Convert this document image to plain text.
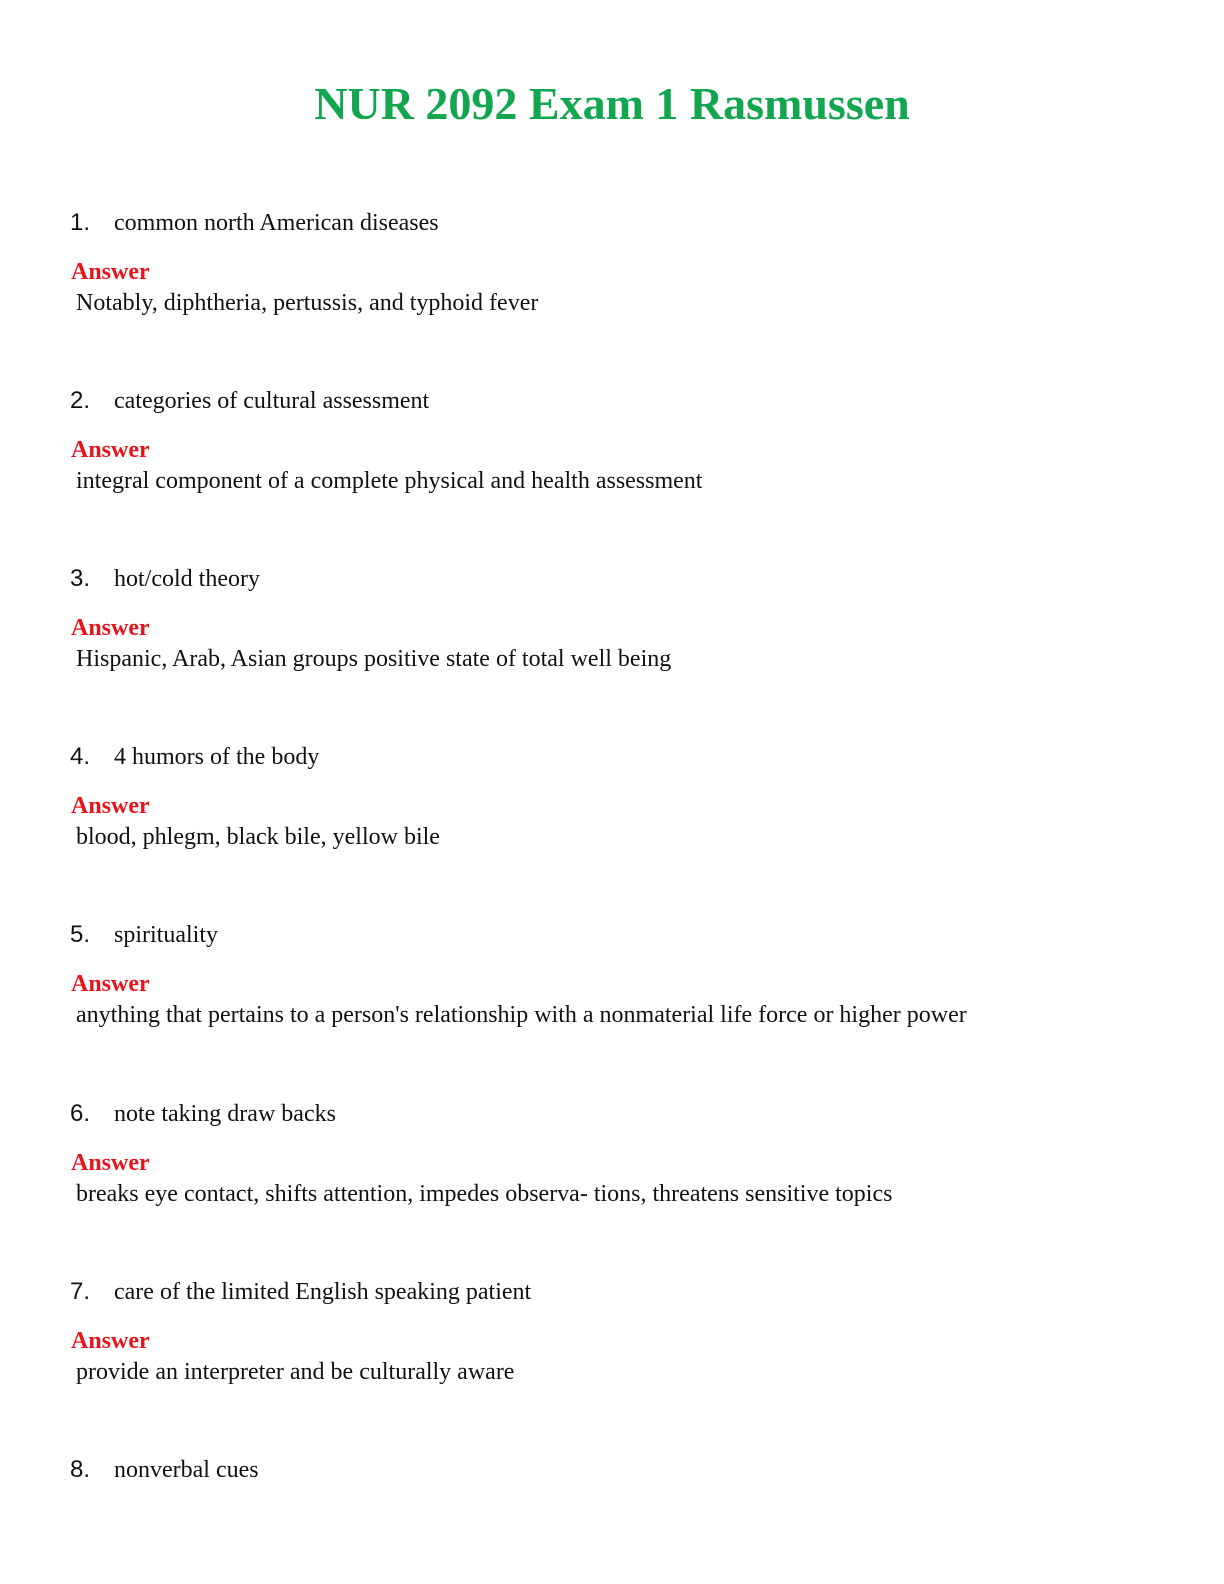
NUR 2092 Exam 1 Rasmussen
1. common north American diseases
Answer
Notably, diphtheria, pertussis, and typhoid fever
2. categories of cultural assessment
Answer
integral component of a complete physical and health assessment
3. hot/cold theory
Answer
Hispanic, Arab, Asian groups positive state of total well being
4. 4 humors of the body
Answer
blood, phlegm, black bile, yellow bile
5. spirituality
Answer
anything that pertains to a person's relationship with a nonmaterial life force or higher power
6. note taking draw backs
Answer
breaks eye contact, shifts attention, impedes observa- tions, threatens sensitive topics
7. care of the limited English speaking patient
Answer
provide an interpreter and be culturally aware
8. nonverbal cues
